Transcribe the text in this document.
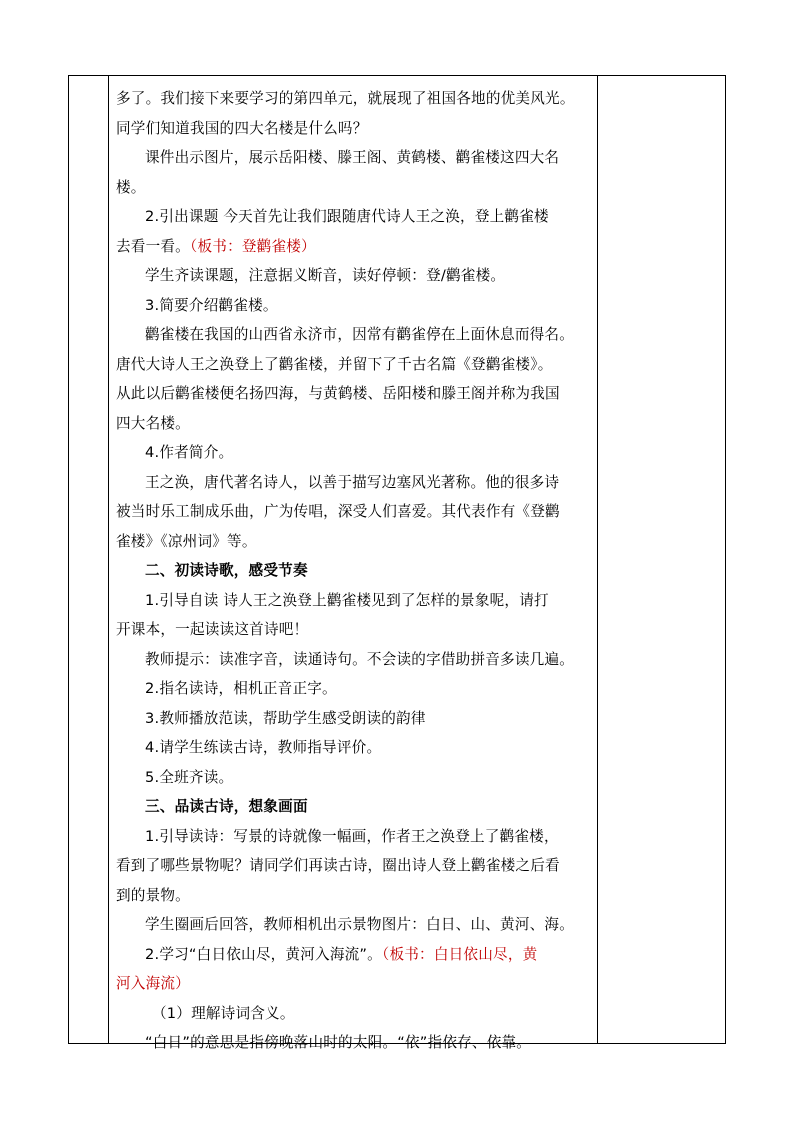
多了。我们接下来要学习的第四单元，就展现了祖国各地的优美风光。
同学们知道我国的四大名楼是什么吗？
课件出示图片，展示岳阳楼、滕王阁、黄鹤楼、鹳雀楼这四大名
楼。
2.引出课题 今天首先让我们跟随唐代诗人王之涣，登上鹳雀楼
去看一看。（板书：登鹳雀楼）
学生齐读课题，注意据义断音，读好停顿：登/鹳雀楼。
3.简要介绍鹳雀楼。
鹳雀楼在我国的山西省永济市，因常有鹳雀停在上面休息而得名。
唐代大诗人王之涣登上了鹳雀楼，并留下了千古名篇《登鹳雀楼》。
从此以后鹳雀楼便名扬四海，与黄鹤楼、岳阳楼和滕王阁并称为我国
四大名楼。
4.作者简介。
王之涣，唐代著名诗人，以善于描写边塞风光著称。他的很多诗
被当时乐工制成乐曲，广为传唱，深受人们喜爱。其代表作有《登鹳
雀楼》《凉州词》等。
二、初读诗歌，感受节奏
1.引导自读 诗人王之涣登上鹳雀楼见到了怎样的景象呢，请打
开课本，一起读读这首诗吧！
教师提示：读准字音，读通诗句。不会读的字借助拼音多读几遍。
2.指名读诗，相机正音正字。
3.教师播放范读，帮助学生感受朗读的韵律
4.请学生练读古诗，教师指导评价。
5.全班齐读。
三、品读古诗，想象画面
1.引导读诗：写景的诗就像一幅画，作者王之涣登上了鹳雀楼，
看到了哪些景物呢？请同学们再读古诗，圈出诗人登上鹳雀楼之后看
到的景物。
学生圈画后回答，教师相机出示景物图片：白日、山、黄河、海。
2.学习“白日依山尽，黄河入海流”。（板书：白日依山尽，黄
河入海流）
（1）理解诗词含义。
“白日”的意思是指傍晚落山时的太阳。“依”指依存、依靠。
